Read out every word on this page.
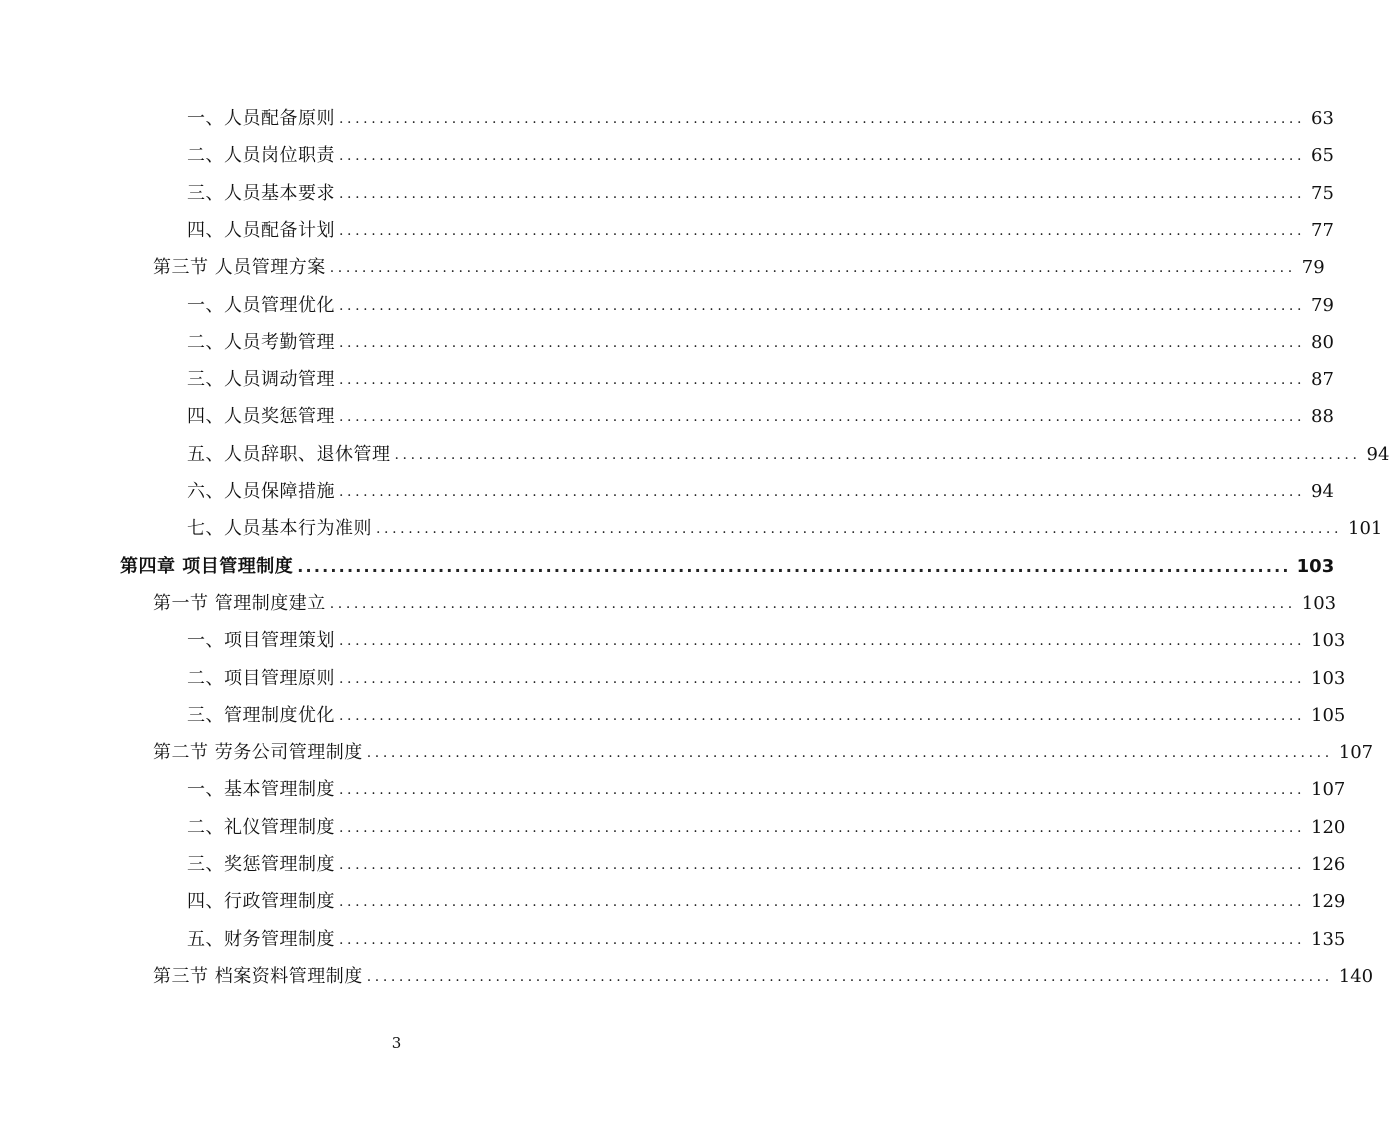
一、人员配备原则 ........................................................................................................................ 63
二、人员岗位职责 ........................................................................................................................ 65
三、人员基本要求 ........................................................................................................................ 75
四、人员配备计划 ........................................................................................................................ 77
第三节 人员管理方案 ........................................................................................................................ 79
一、人员管理优化 ........................................................................................................................ 79
二、人员考勤管理 ........................................................................................................................ 80
三、人员调动管理 ........................................................................................................................ 87
四、人员奖惩管理 ........................................................................................................................ 88
五、人员辞职、退休管理 ........................................................................................................................ 94
六、人员保障措施 ........................................................................................................................ 94
七、人员基本行为准则 ........................................................................................................................ 101
第四章 项目管理制度 ........................................................................................................................ 103
第一节 管理制度建立 ........................................................................................................................ 103
一、项目管理策划 ........................................................................................................................ 103
二、项目管理原则 ........................................................................................................................ 103
三、管理制度优化 ........................................................................................................................ 105
第二节 劳务公司管理制度 ........................................................................................................................ 107
一、基本管理制度 ........................................................................................................................ 107
二、礼仪管理制度 ........................................................................................................................ 120
三、奖惩管理制度 ........................................................................................................................ 126
四、行政管理制度 ........................................................................................................................ 129
五、财务管理制度 ........................................................................................................................ 135
第三节 档案资料管理制度 ........................................................................................................................ 140
3
